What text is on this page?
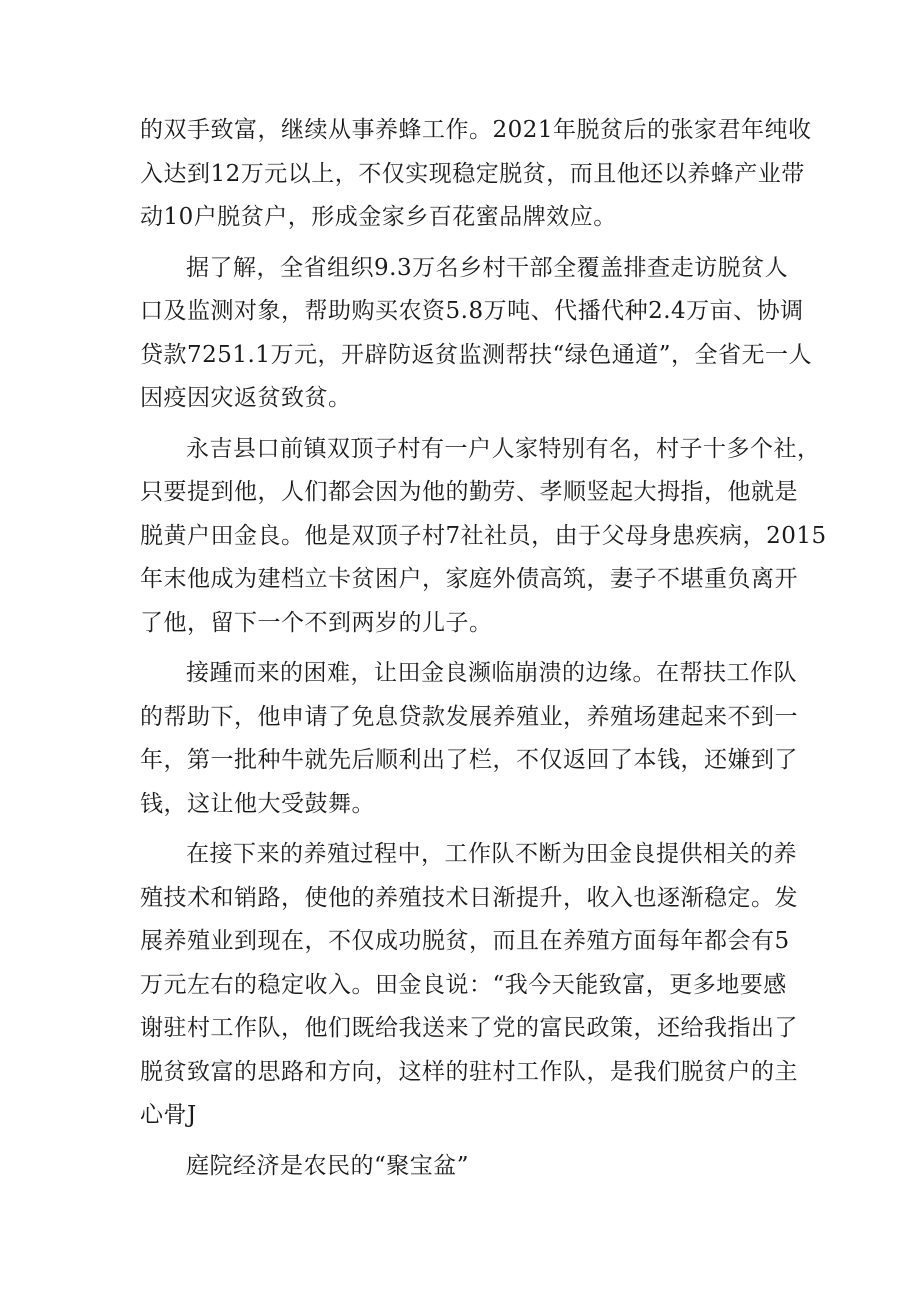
的双手致富，继续从事养蜂工作。2021年脱贫后的张家君年纯收
入达到12万元以上，不仅实现稳定脱贫，而且他还以养蜂产业带
动10户脱贫户，形成金家乡百花蜜品牌效应。
据了解，全省组织9.3万名乡村干部全覆盖排查走访脱贫人
口及监测对象，帮助购买农资5.8万吨、代播代种2.4万亩、协调
贷款7251.1万元，开辟防返贫监测帮扶“绿色通道”，全省无一人
因疫因灾返贫致贫。
永吉县口前镇双顶子村有一户人家特别有名，村子十多个社，
只要提到他，人们都会因为他的勤劳、孝顺竖起大拇指，他就是
脱黄户田金良。他是双顶子村7社社员，由于父母身患疾病，2015
年末他成为建档立卡贫困户，家庭外债高筑，妻子不堪重负离开
了他，留下一个不到两岁的儿子。
接踵而来的困难，让田金良濒临崩溃的边缘。在帮扶工作队
的帮助下，他申请了免息贷款发展养殖业，养殖场建起来不到一
年，第一批种牛就先后顺利出了栏，不仅返回了本钱，还嫌到了
钱，这让他大受鼓舞。
在接下来的养殖过程中，工作队不断为田金良提供相关的养
殖技术和销路，使他的养殖技术日渐提升，收入也逐渐稳定。发
展养殖业到现在，不仅成功脱贫，而且在养殖方面每年都会有5
万元左右的稳定收入。田金良说：“我今天能致富，更多地要感
谢驻村工作队，他们既给我送来了党的富民政策，还给我指出了
脱贫致富的思路和方向，这样的驻村工作队，是我们脱贫户的主
心骨J
庭院经济是农民的“聚宝盆”
